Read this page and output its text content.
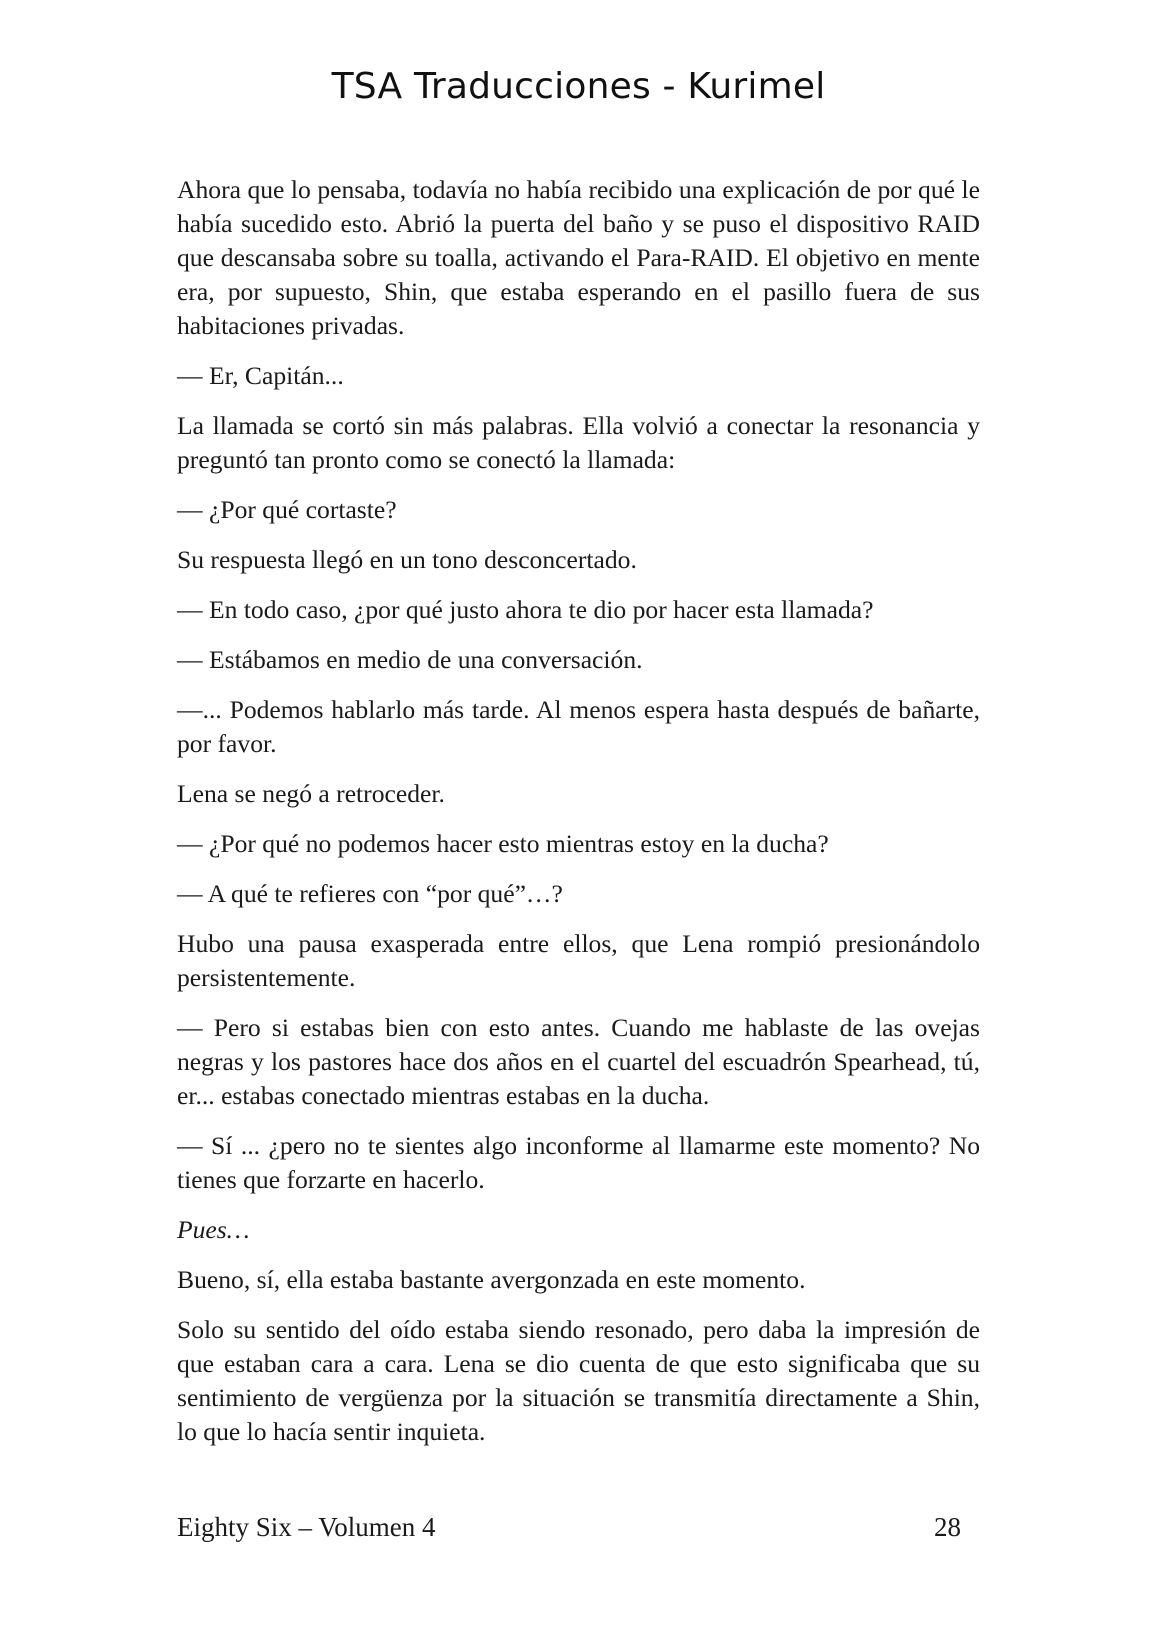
TSA Traducciones - Kurimel

Ahora que lo pensaba, todavía no había recibido una explicación de por qué le había sucedido esto. Abrió la puerta del baño y se puso el dispositivo RAID que descansaba sobre su toalla, activando el Para-RAID. El objetivo en mente era, por supuesto, Shin, que estaba esperando en el pasillo fuera de sus habitaciones privadas.

— Er, Capitán...

La llamada se cortó sin más palabras. Ella volvió a conectar la resonancia y preguntó tan pronto como se conectó la llamada:

— ¿Por qué cortaste?

Su respuesta llegó en un tono desconcertado.

— En todo caso, ¿por qué justo ahora te dio por hacer esta llamada?

— Estábamos en medio de una conversación.

—... Podemos hablarlo más tarde. Al menos espera hasta después de bañarte, por favor.

Lena se negó a retroceder.

— ¿Por qué no podemos hacer esto mientras estoy en la ducha?

— A qué te refieres con “por qué”…?

Hubo una pausa exasperada entre ellos, que Lena rompió presionándolo persistentemente.

— Pero si estabas bien con esto antes. Cuando me hablaste de las ovejas negras y los pastores hace dos años en el cuartel del escuadrón Spearhead, tú, er... estabas conectado mientras estabas en la ducha.

— Sí ... ¿pero no te sientes algo inconforme al llamarme este momento? No tienes que forzarte en hacerlo.

Pues…

Bueno, sí, ella estaba bastante avergonzada en este momento.

Solo su sentido del oído estaba siendo resonado, pero daba la impresión de que estaban cara a cara. Lena se dio cuenta de que esto significaba que su sentimiento de vergüenza por la situación se transmitía directamente a Shin, lo que lo hacía sentir inquieta.

Eighty Six – Volumen 4	28
